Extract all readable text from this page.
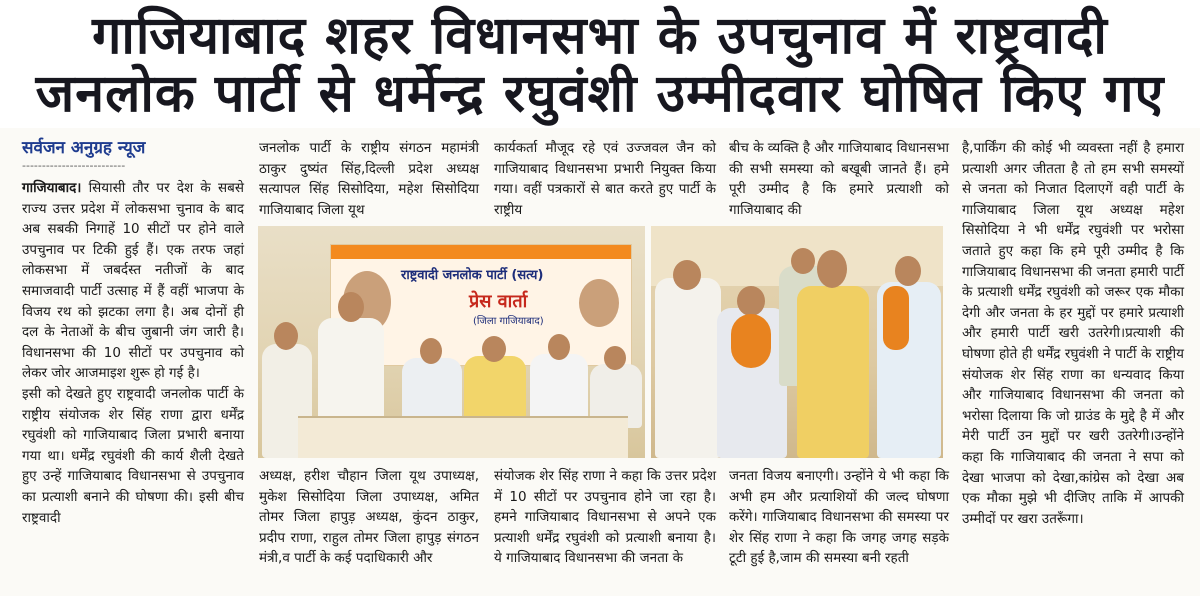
गाजियाबाद शहर विधानसभा के उपचुनाव में राष्ट्रवादी
जनलोक पार्टी से धर्मेन्द्र रघुवंशी उम्मीदवार घोषित किए गए
सर्वजन अनुग्रह न्यूज
--------------------------

गाजियाबाद। सियासी तौर पर देश के सबसे राज्य उत्तर प्रदेश में लोकसभा चुनाव के बाद अब सबकी निगाहें 10 सीटों पर होने वाले उपचुनाव पर टिकी हुई हैं। एक तरफ जहां लोकसभा में जबर्दस्त नतीजों के बाद समाजवादी पार्टी उत्साह में हैं वहीं भाजपा के विजय रथ को झटका लगा है। अब दोनों ही दल के नेताओं के बीच जुबानी जंग जारी है। विधानसभा की 10 सीटों पर उपचुनाव को लेकर जोर आजमाइश शुरू हो गई है।

इसी को देखते हुए राष्ट्रवादी जनलोक पार्टी के राष्ट्रीय संयोजक शेर सिंह राणा द्वारा धर्मेंद्र रघुवंशी को गाजियाबाद जिला प्रभारी बनाया गया था। धर्मेंद्र रघुवंशी की कार्य शैली देखते हुए उन्हें गाजियाबाद विधानसभा से उपचुनाव का प्रत्याशी बनाने की घोषणा की। इसी बीच राष्ट्रवादी

जनलोक पार्टी के राष्ट्रीय संगठन महामंत्री ठाकुर दुष्यंत सिंह,दिल्ली प्रदेश अध्यक्ष सत्यापल सिंह सिसोदिया, महेश सिसोदिया गाजियाबाद जिला यूथ

अध्यक्ष, हरीश चौहान जिला यूथ उपाध्यक्ष, मुकेश सिसोदिया जिला उपाध्यक्ष, अमित तोमर जिला हापुड़ अध्यक्ष, कुंदन ठाकुर, प्रदीप राणा, राहुल तोमर जिला हापुड़ संगठन मंत्री,व पार्टी के कई पदाधिकारी और

कार्यकर्ता मौजूद रहे एवं उज्जवल जैन को गाजियाबाद विधानसभा प्रभारी नियुक्त किया गया। वहीं पत्रकारों से बात करते हुए पार्टी के राष्ट्रीय

संयोजक शेर सिंह राणा ने कहा कि उत्तर प्रदेश में 10 सीटों पर उपचुनाव होने जा रहा है। हमने गाजियाबाद विधानसभा से अपने एक प्रत्याशी धर्मेंद्र रघुवंशी को प्रत्याशी बनाया है। ये गाजियाबाद विधानसभा की जनता के

बीच के व्यक्ति है और गाजियाबाद विधानसभा की सभी समस्या को बखूबी जानते हैं। हमे पूरी उम्मीद है कि हमारे प्रत्याशी को गाजियाबाद की

जनता विजय बनाएगी। उन्होंने ये भी कहा कि अभी हम और प्रत्याशियों की जल्द घोषणा करेंगे। गाजियाबाद विधानसभा की समस्या पर शेर सिंह राणा ने कहा कि जगह जगह सड़के टूटी हुई है,जाम की समस्या बनी रहती

है,पार्किंग की कोई भी व्यवस्ता नहीं है हमारा प्रत्याशी अगर जीतता है तो हम सभी समस्यों से जनता को निजात दिलाएगें वही पार्टी के गाजियाबाद जिला यूथ अध्यक्ष महेश सिसोदिया ने भी धर्मेंद्र रघुवंशी पर भरोसा जताते हुए कहा कि हमे पूरी उम्मीद है कि गाजियाबाद विधानसभा की जनता हमारी पार्टी के प्रत्याशी धर्मेंद्र रघुवंशी को जरूर एक मौका देगी और जनता के हर मुद्दों पर हमारे प्रत्याशी और हमारी पार्टी खरी उतरेगी।प्रत्याशी की घोषणा होते ही धर्मेंद्र रघुवंशी ने पार्टी के राष्ट्रीय संयोजक शेर सिंह राणा का धन्यवाद किया और गाजियाबाद विधानसभा की जनता को भरोसा दिलाया कि जो ग्राउंड के मुद्दे है में और मेरी पार्टी उन मुद्दों पर खरी उतरेगी।उन्होंने कहा कि गाजियाबाद की जनता ने सपा को देखा भाजपा को देखा,कांग्रेस को देखा अब एक मौका मुझे भी दीजिए ताकि में आपकी उम्मीदों पर खरा उतरूँगा।

राष्ट्रवादी जनलोक पार्टी (सत्य)
प्रेस वार्ता
(जिला गाजियाबाद)
